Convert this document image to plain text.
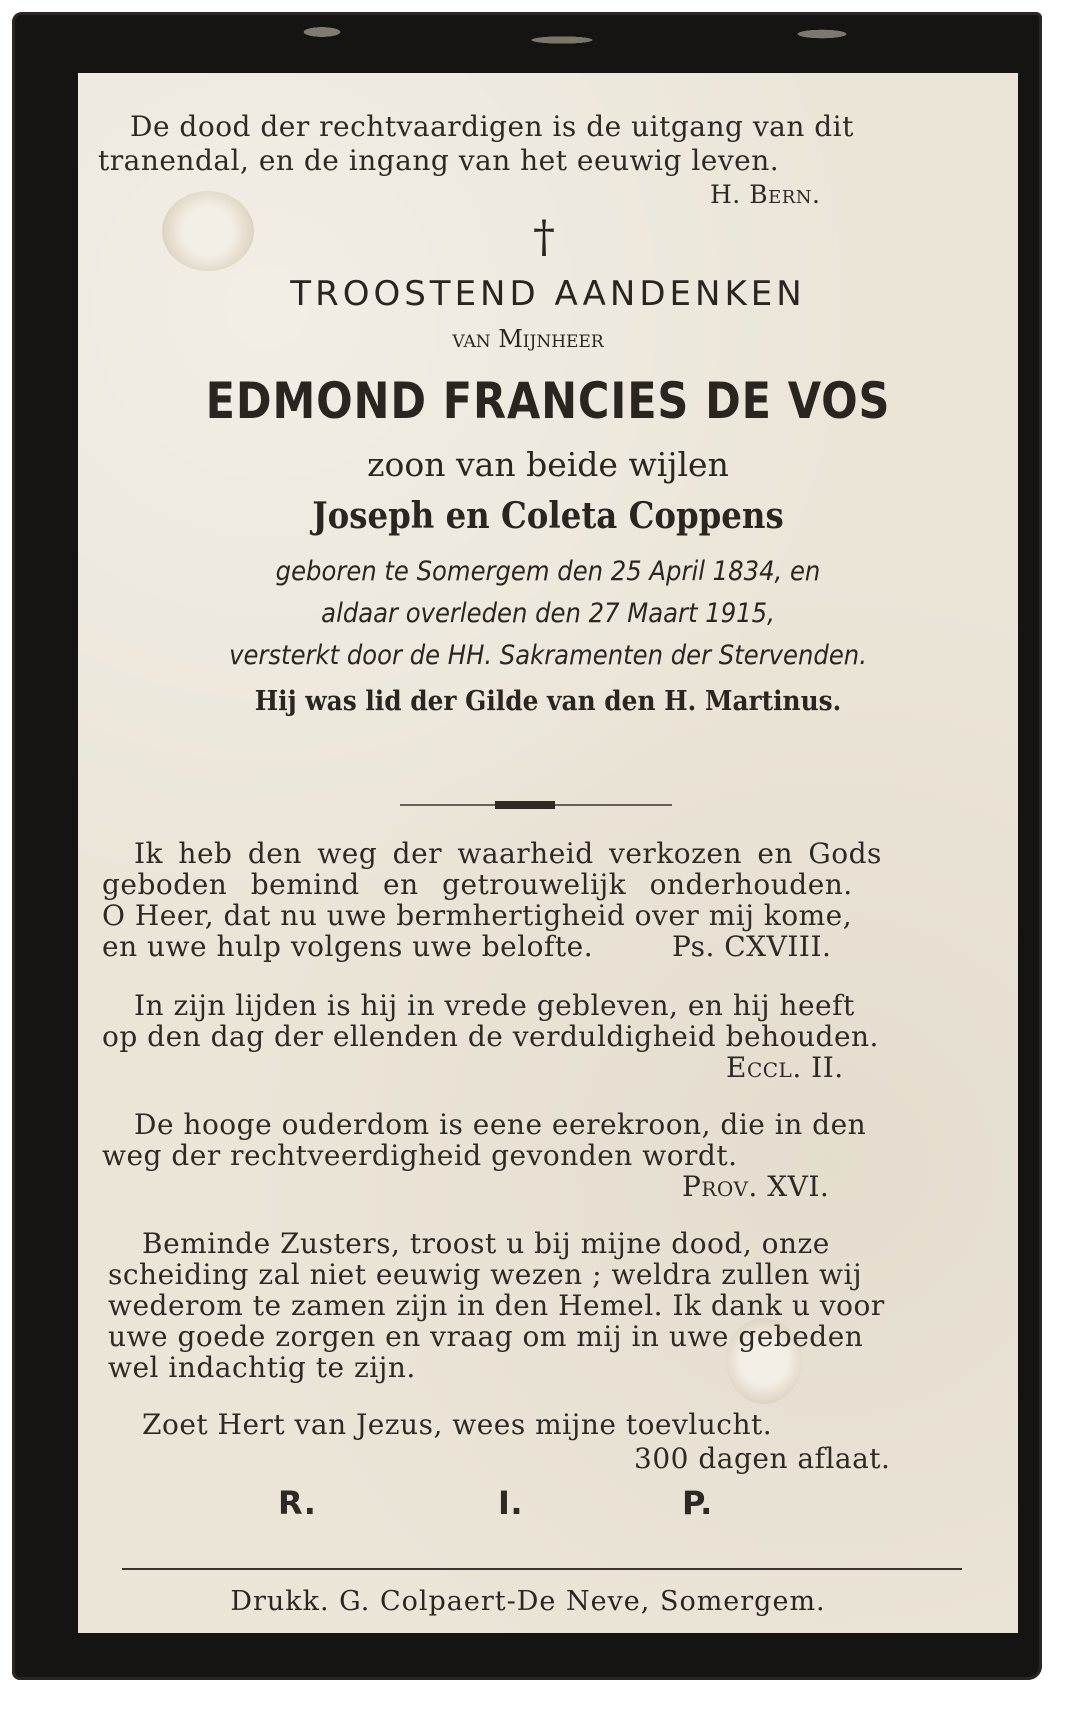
De dood der rechtvaardigen is de uitgang van dit
tranendal, en de ingang van het eeuwig leven.
H. Bern.
†
TROOSTEND AANDENKEN
van Mijnheer
EDMOND FRANCIES DE VOS
zoon van beide wijlen
Joseph en Coleta Coppens
geboren te Somergem den 25 April 1834, en
aldaar overleden den 27 Maart 1915,
versterkt door de HH. Sakramenten der Stervenden.
Hij was lid der Gilde van den H. Martinus.
Ik heb den weg der waarheid verkozen en Gods
geboden bemind en getrouwelijk onderhouden.
O Heer, dat nu uwe bermhertigheid over mij kome,
en uwe hulp volgens uwe belofte.	Ps. CXVIII.
In zijn lijden is hij in vrede gebleven, en hij heeft
op den dag der ellenden de verduldigheid behouden.
Eccl. II.
De hooge ouderdom is eene eerekroon, die in den
weg der rechtveerdigheid gevonden wordt.
Prov. XVI.
Beminde Zusters, troost u bij mijne dood, onze
scheiding zal niet eeuwig wezen ; weldra zullen wij
wederom te zamen zijn in den Hemel. Ik dank u voor
uwe goede zorgen en vraag om mij in uwe gebeden
wel indachtig te zijn.
Zoet Hert van Jezus, wees mijne toevlucht.
300 dagen aflaat.
R.	I.	P.
Drukk. G. Colpaert-De Neve, Somergem.
